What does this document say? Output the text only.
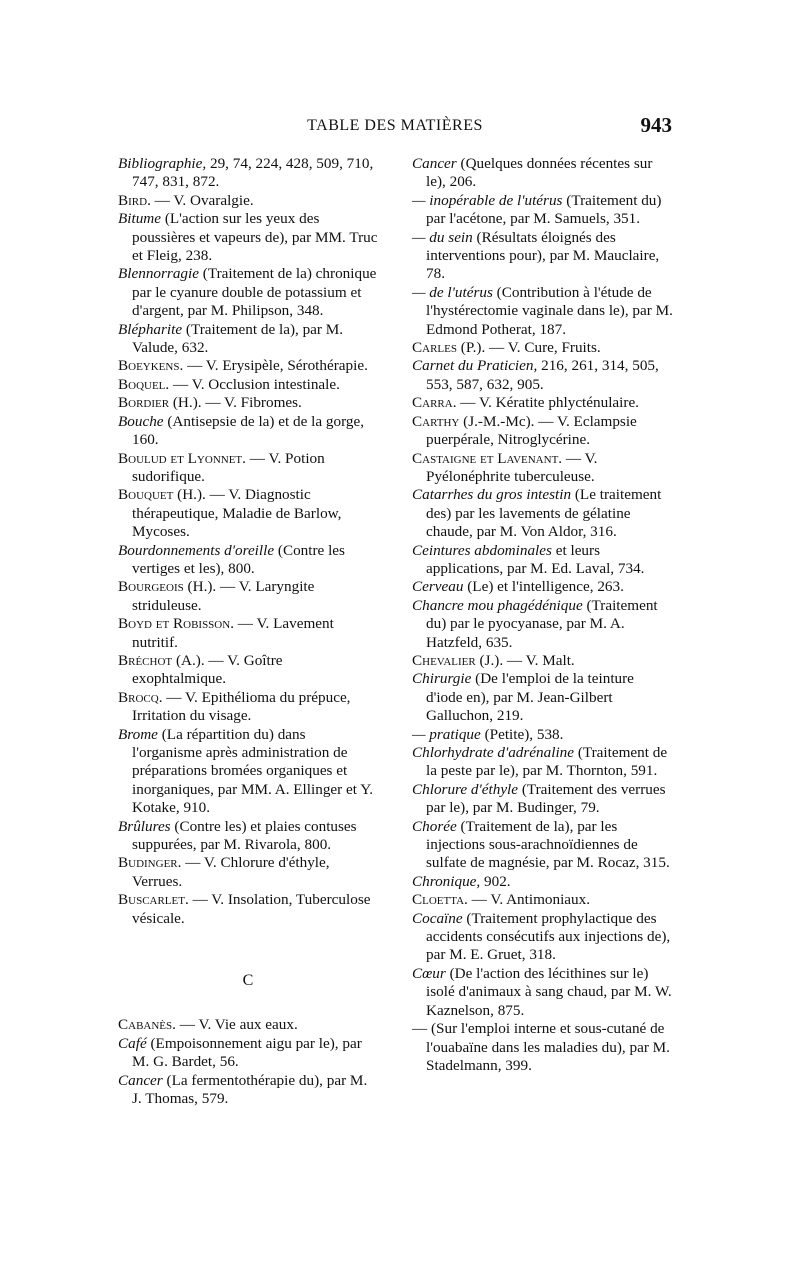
TABLE DES MATIÈRES	943

Bibliographie, 29, 74, 224, 428, 509, 710, 747, 831, 872.

Bird. — V. Ovaralgie.

Bitume (L'action sur les yeux des poussières et vapeurs de), par MM. Truc et Fleig, 238.

Blennorragie (Traitement de la) chronique par le cyanure double de potassium et d'argent, par M. Philipson, 348.

Blépharite (Traitement de la), par M. Valude, 632.

Boeykens. — V. Erysipèle, Sérothérapie.

Boquel. — V. Occlusion intestinale.

Bordier (H.). — V. Fibromes.

Bouche (Antisepsie de la) et de la gorge, 160.

Boulud et Lyonnet. — V. Potion sudorifique.

Bouquet (H.). — V. Diagnostic thérapeutique, Maladie de Barlow, Mycoses.

Bourdonnements d'oreille (Contre les vertiges et les), 800.

Bourgeois (H.). — V. Laryngite striduleuse.

Boyd et Robisson. — V. Lavement nutritif.

Bréchot (A.). — V. Goître exophtalmique.

Brocq. — V. Epithélioma du prépuce, Irritation du visage.

Brome (La répartition du) dans l'organisme après administration de préparations bromées organiques et inorganiques, par MM. A. Ellinger et Y. Kotake, 910.

Brûlures (Contre les) et plaies contuses suppurées, par M. Rivarola, 800.

Budinger. — V. Chlorure d'éthyle, Verrues.

Buscarlet. — V. Insolation, Tuberculose vésicale.

C

Cabanès. — V. Vie aux eaux.

Café (Empoisonnement aigu par le), par M. G. Bardet, 56.

Cancer (La fermentothérapie du), par M. J. Thomas, 579.

Cancer (Quelques données récentes sur le), 206.

— inopérable de l'utérus (Traitement du) par l'acétone, par M. Samuels, 351.

— du sein (Résultats éloignés des interventions pour), par M. Mauclaire, 78.

— de l'utérus (Contribution à l'étude de l'hystérectomie vaginale dans le), par M. Edmond Potherat, 187.

Carles (P.). — V. Cure, Fruits.

Carnet du Praticien, 216, 261, 314, 505, 553, 587, 632, 905.

Carra. — V. Kératite phlycténulaire.

Carthy (J.-M.-Mc). — V. Eclampsie puerpérale, Nitroglycérine.

Castaigne et Lavenant. — V. Pyélonéphrite tuberculeuse.

Catarrhes du gros intestin (Le traitement des) par les lavements de gélatine chaude, par M. Von Aldor, 316.

Ceintures abdominales et leurs applications, par M. Ed. Laval, 734.

Cerveau (Le) et l'intelligence, 263.

Chancre mou phagédénique (Traitement du) par le pyocyanase, par M. A. Hatzfeld, 635.

Chevalier (J.). — V. Malt.

Chirurgie (De l'emploi de la teinture d'iode en), par M. Jean-Gilbert Galluchon, 219.

— pratique (Petite), 538.

Chlorhydrate d'adrénaline (Traitement de la peste par le), par M. Thornton, 591.

Chlorure d'éthyle (Traitement des verrues par le), par M. Budinger, 79.

Chorée (Traitement de la), par les injections sous-arachnoïdiennes de sulfate de magnésie, par M. Rocaz, 315.

Chronique, 902.

Cloetta. — V. Antimoniaux.

Cocaïne (Traitement prophylactique des accidents consécutifs aux injections de), par M. E. Gruet, 318.

Cœur (De l'action des lécithines sur le) isolé d'animaux à sang chaud, par M. W. Kaznelson, 875.

— (Sur l'emploi interne et sous-cutané de l'ouabaïne dans les maladies du), par M. Stadelmann, 399.
